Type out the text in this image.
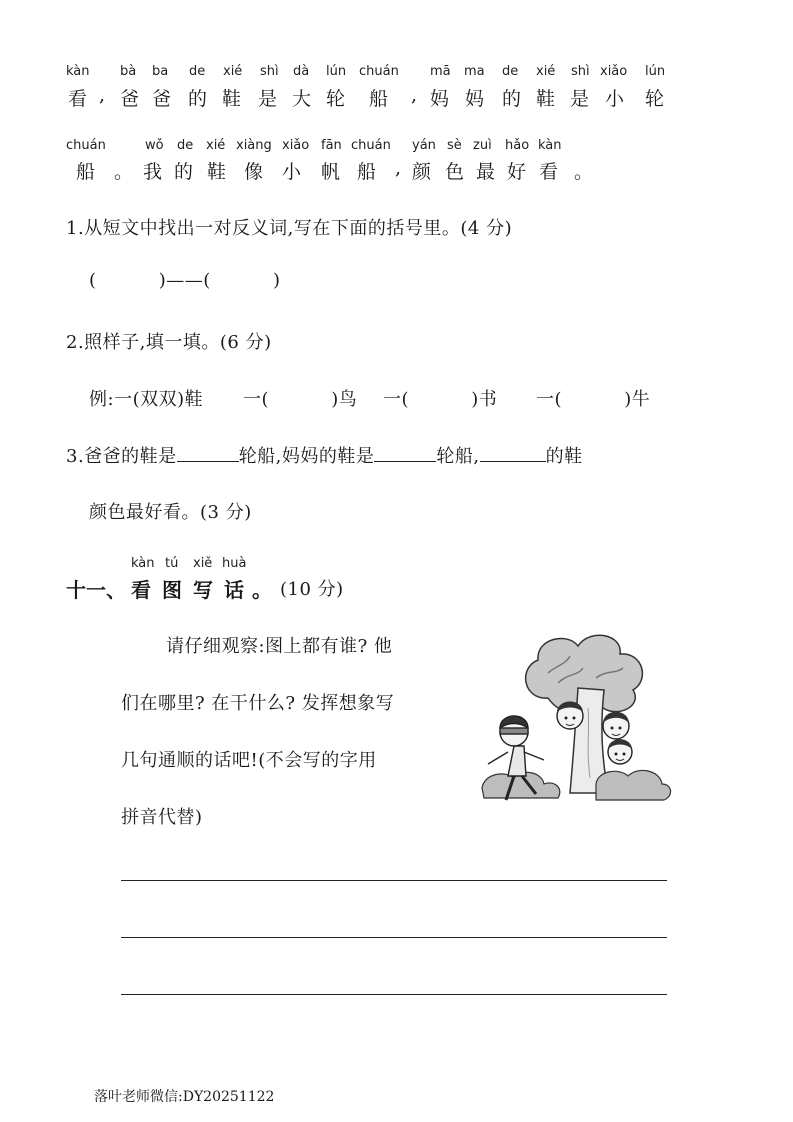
kàn bà ba de xié shì dà lún chuán mā ma de xié shì xiǎo lún
看 , 爸 爸 的 鞋 是 大 轮 船 , 妈 妈 的 鞋 是 小 轮
chuán	wǒ de xié xiàng xiǎo fān chuán yán sè zuì hǎo kàn
船 。 我 的 鞋 像 小 帆 船 , 颜 色 最 好 看 。
1.从短文中找出一对反义词,写在下面的括号里。(4 分)
(          )——(          )
2.照样子,填一填。(6 分)
例:一(双双)鞋 一(          )鸟 一(          )书 一(          )牛
3.爸爸的鞋是	轮船,妈妈的鞋是	轮船,	的鞋
颜色最好看。(3 分)
kàn tú xiě huà
十一、 看 图 写 话 。 (10 分)
请仔细观察:图上都有谁? 他
们在哪里? 在干什么? 发挥想象写
几句通顺的话吧!(不会写的字用
拼音代替)
落叶老师微信:DY20251122
